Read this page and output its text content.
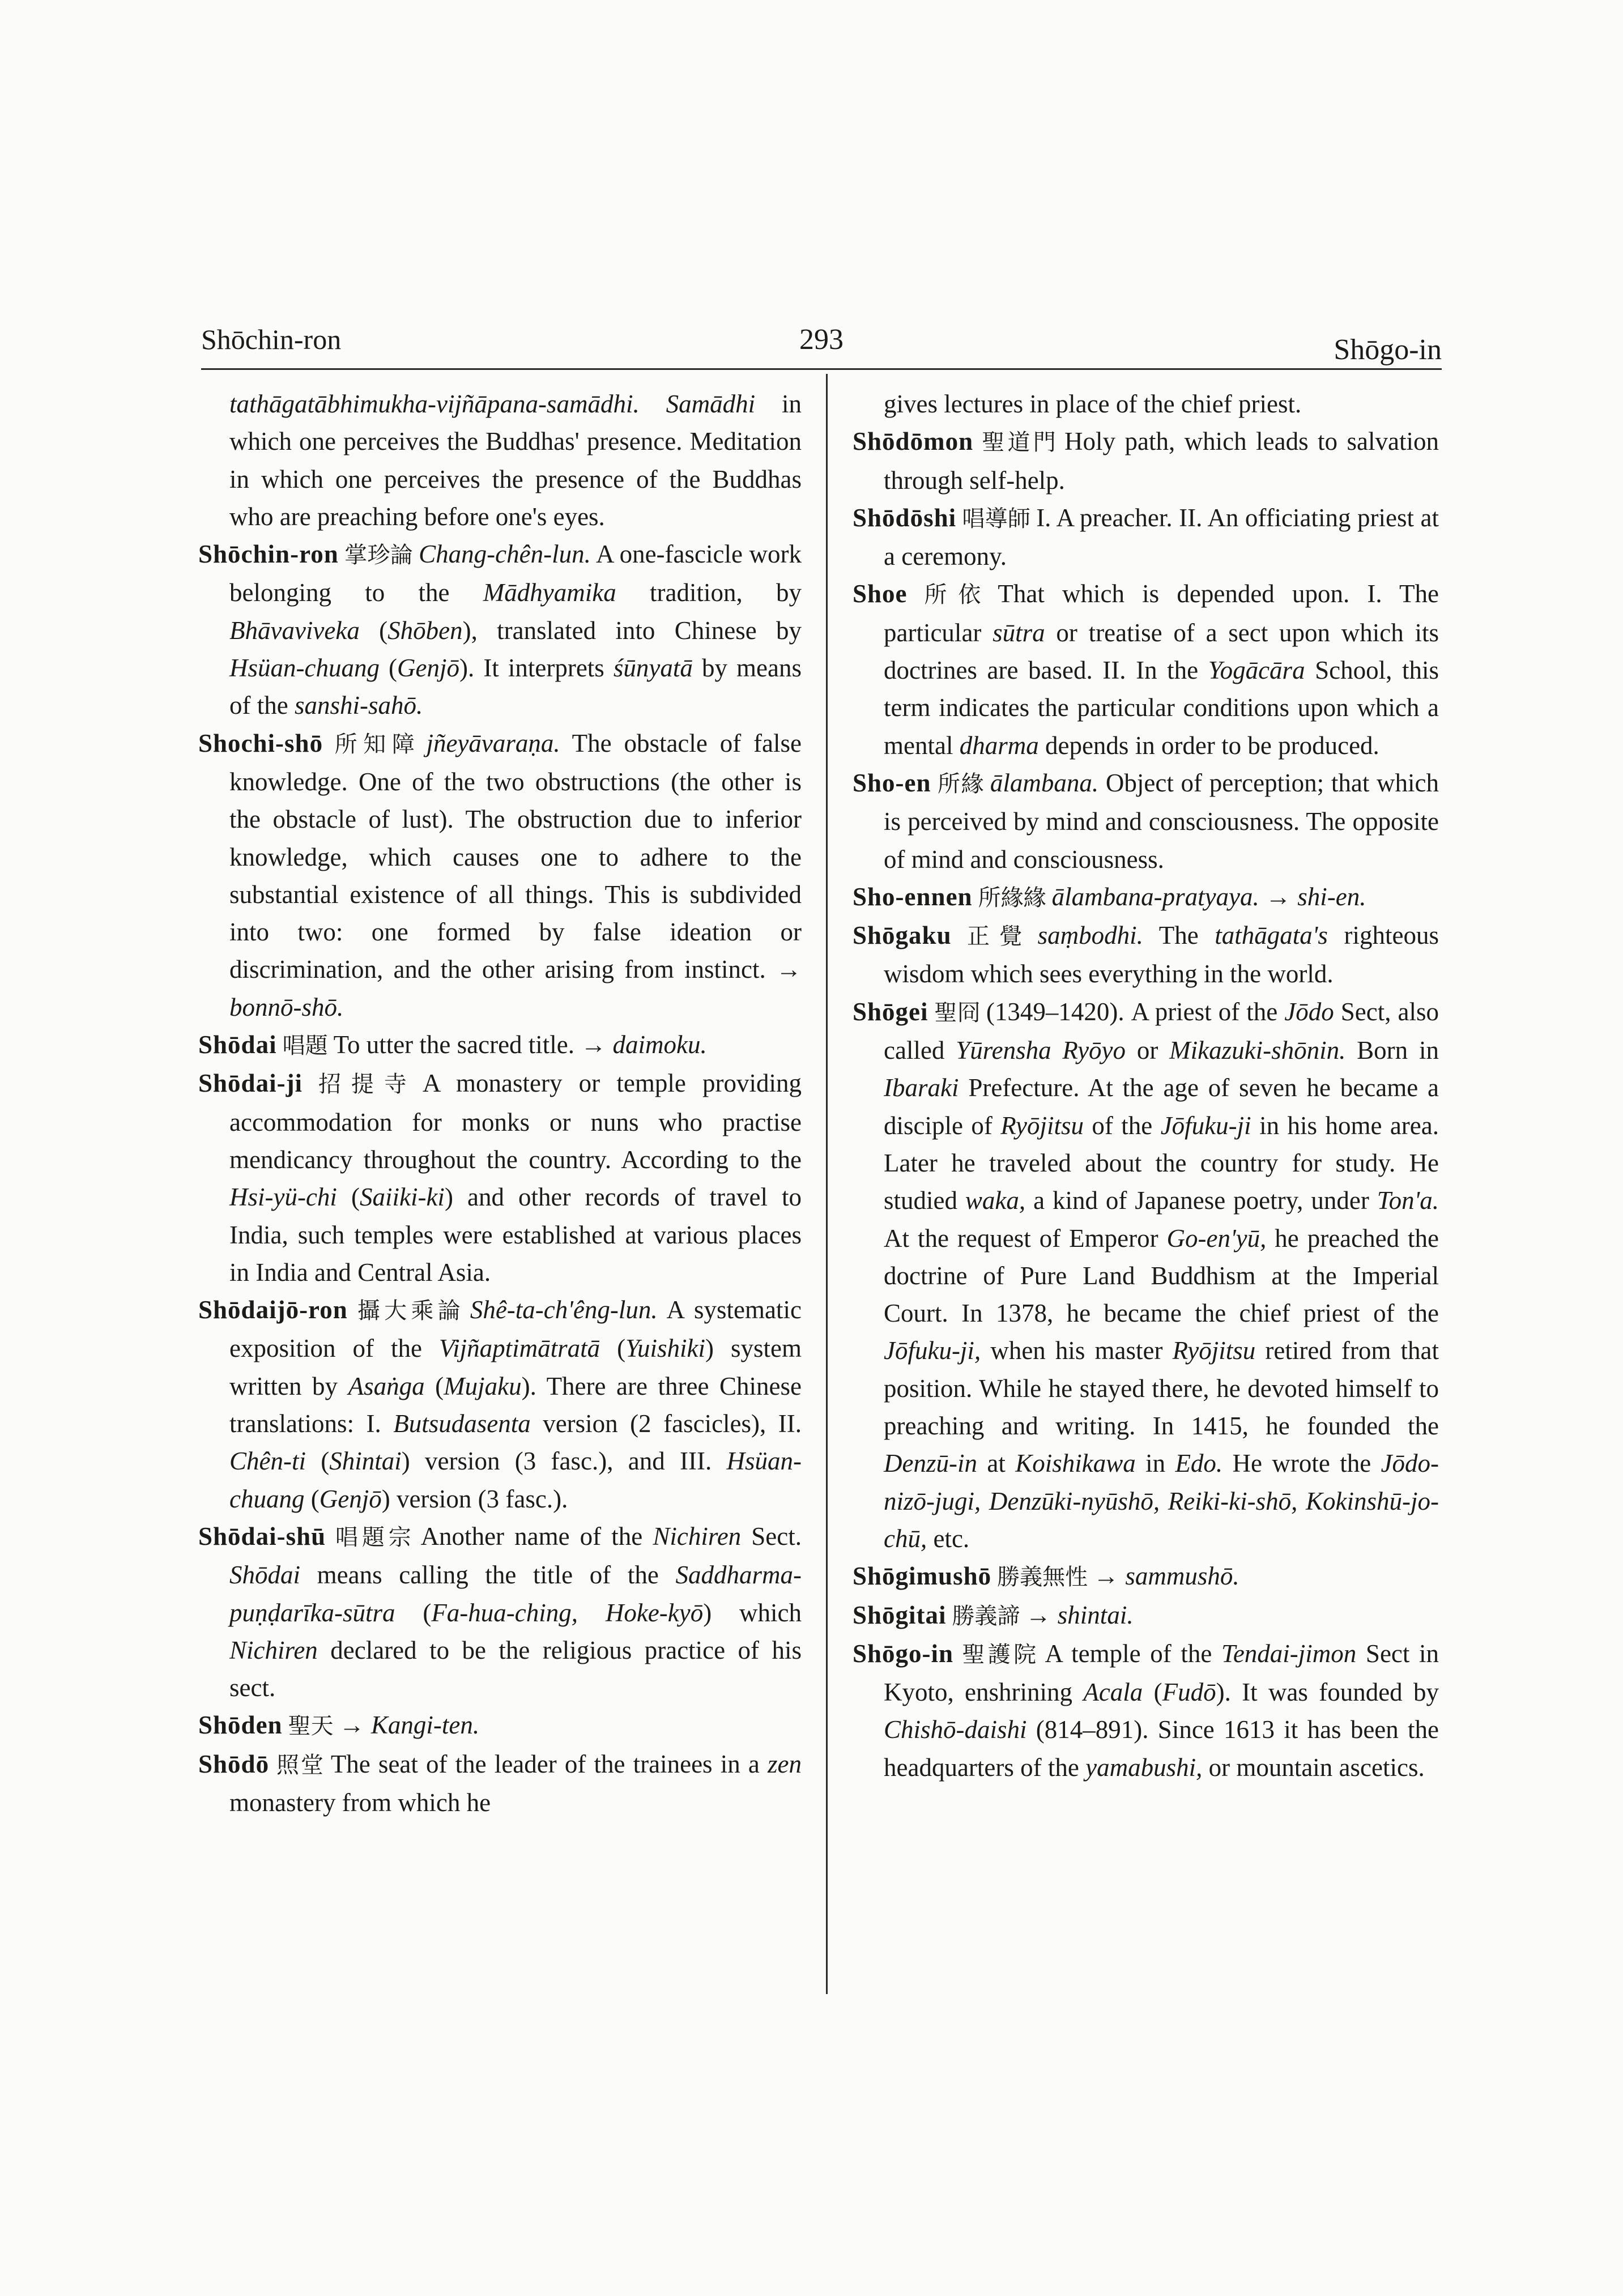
Shōchin-ron	293	Shōgo-in

tathāgatābhimukha-vijñāpana-samādhi. Samādhi in which one perceives the Buddhas' presence. Meditation in which one perceives the presence of the Buddhas who are preaching before one's eyes.

Shōchin-ron 掌珍論 Chang-chên-lun. A one-fascicle work belonging to the Mādhyamika tradition, by Bhāvaviveka (Shōben), translated into Chinese by Hsüan-chuang (Genjō). It interprets śūnyatā by means of the sanshi-sahō.

Shochi-shō 所知障 jñeyāvaraṇa. The obstacle of false knowledge. One of the two obstructions (the other is the obstacle of lust). The obstruction due to inferior knowledge, which causes one to adhere to the substantial existence of all things. This is subdivided into two: one formed by false ideation or discrimination, and the other arising from instinct. → bonnō-shō.

Shōdai 唱題 To utter the sacred title. → daimoku.

Shōdai-ji 招提寺 A monastery or temple providing accommodation for monks or nuns who practise mendicancy throughout the country. According to the Hsi-yü-chi (Saiiki-ki) and other records of travel to India, such temples were established at various places in India and Central Asia.

Shōdaijō-ron 攝大乘論 Shê-ta-ch'êng-lun. A systematic exposition of the Vijñaptimātratā (Yuishiki) system written by Asaṅga (Mujaku). There are three Chinese translations: I. Butsudasenta version (2 fascicles), II. Chên-ti (Shintai) version (3 fasc.), and III. Hsüan-chuang (Genjō) version (3 fasc.).

Shōdai-shū 唱題宗 Another name of the Nichiren Sect. Shōdai means calling the title of the Saddharma-puṇḍarīka-sūtra (Fa-hua-ching, Hoke-kyō) which Nichiren declared to be the religious practice of his sect.

Shōden 聖天 → Kangi-ten.

Shōdō 照堂 The seat of the leader of the trainees in a zen monastery from which he

gives lectures in place of the chief priest.

Shōdōmon 聖道門 Holy path, which leads to salvation through self-help.

Shōdōshi 唱導師 I. A preacher. II. An officiating priest at a ceremony.

Shoe 所依 That which is depended upon. I. The particular sūtra or treatise of a sect upon which its doctrines are based. II. In the Yogācāra School, this term indicates the particular conditions upon which a mental dharma depends in order to be produced.

Sho-en 所緣 ālambana. Object of perception; that which is perceived by mind and consciousness. The opposite of mind and consciousness.

Sho-ennen 所緣緣 ālambana-pratyaya. → shi-en.

Shōgaku 正覺 saṃbodhi. The tathāgata's righteous wisdom which sees everything in the world.

Shōgei 聖冏 (1349–1420). A priest of the Jōdo Sect, also called Yūrensha Ryōyo or Mikazuki-shōnin. Born in Ibaraki Prefecture. At the age of seven he became a disciple of Ryōjitsu of the Jōfuku-ji in his home area. Later he traveled about the country for study. He studied waka, a kind of Japanese poetry, under Ton'a. At the request of Emperor Go-en'yū, he preached the doctrine of Pure Land Buddhism at the Imperial Court. In 1378, he became the chief priest of the Jōfuku-ji, when his master Ryōjitsu retired from that position. While he stayed there, he devoted himself to preaching and writing. In 1415, he founded the Denzū-in at Koishikawa in Edo. He wrote the Jōdo-nizō-jugi, Denzūki-nyūshō, Reiki-ki-shō, Kokinshū-jo-chū, etc.

Shōgimushō 勝義無性 → sammushō.

Shōgitai 勝義諦 → shintai.

Shōgo-in 聖護院 A temple of the Tendai-jimon Sect in Kyoto, enshrining Acala (Fudō). It was founded by Chishō-daishi (814–891). Since 1613 it has been the headquarters of the yamabushi, or mountain ascetics.
